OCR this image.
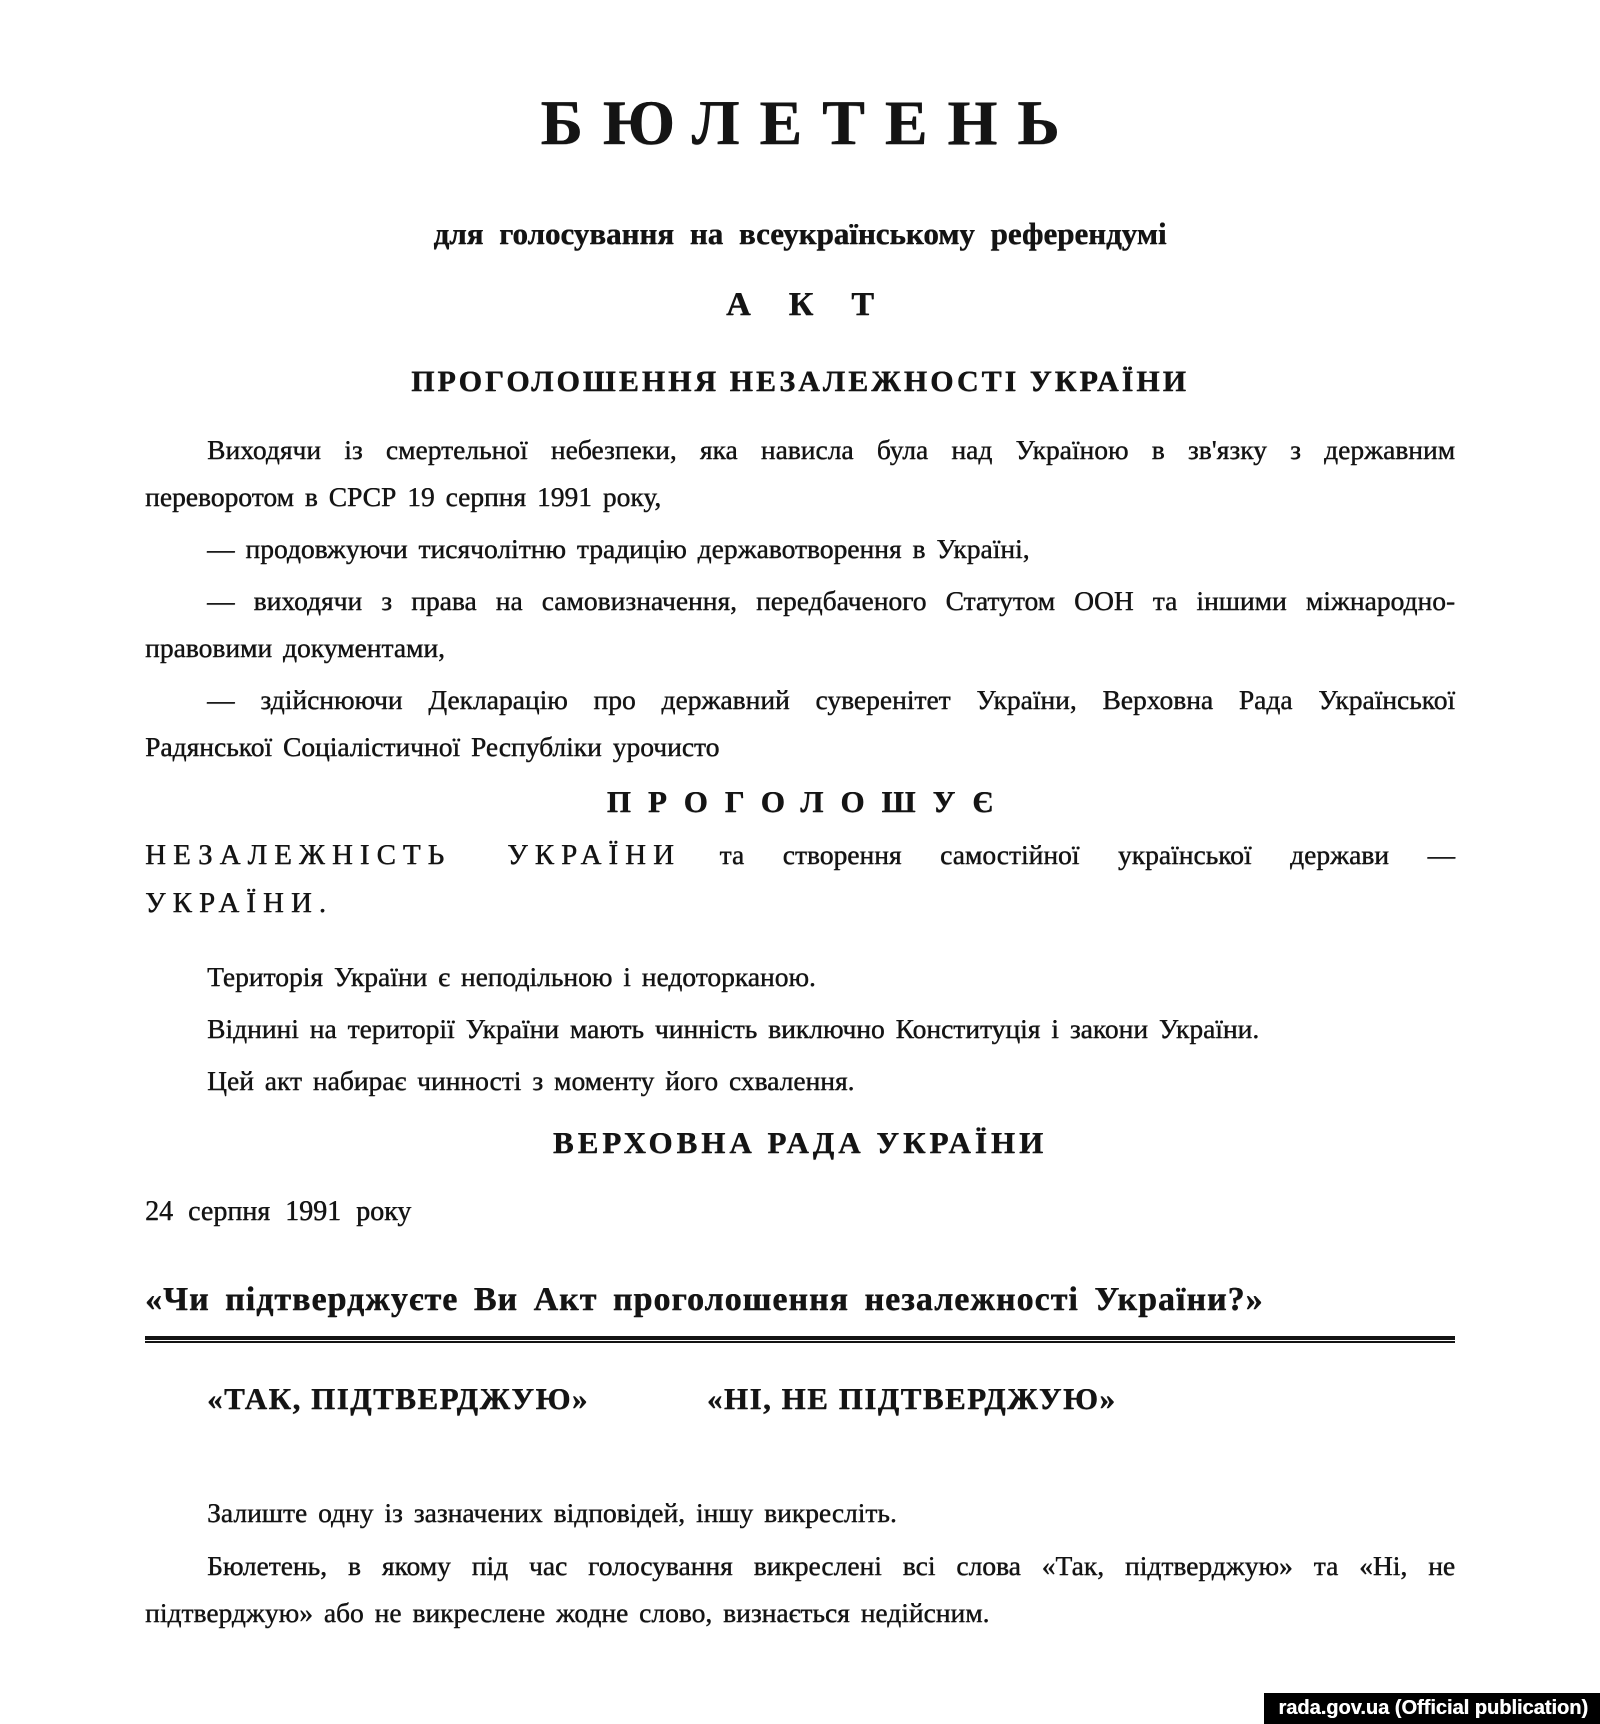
БЮЛЕТЕНЬ
для голосування на всеукраїнському референдумі
АКТ
ПРОГОЛОШЕННЯ НЕЗАЛЕЖНОСТІ УКРАЇНИ

Виходячи із смертельної небезпеки, яка нависла була над Україною в зв'язку з державним переворотом в СРСР 19 серпня 1991 року,

— продовжуючи тисячолітню традицію державотворення в Україні,

— виходячи з права на самовизначення, передбаченого Статутом ООН та іншими міжнародно-правовими документами,

— здійснюючи Декларацію про державний суверенітет України, Верховна Рада Української Радянської Соціалістичної Республіки урочисто

ПРОГОЛОШУЄ

НЕЗАЛЕЖНІСТЬ УКРАЇНИ та створення самостійної української держави — УКРАЇНИ.

Територія України є неподільною і недоторканою.

Віднині на території України мають чинність виключно Конституція і закони України.

Цей акт набирає чинності з моменту його схвалення.

ВЕРХОВНА РАДА УКРАЇНИ
24 серпня 1991 року
«Чи підтверджуєте Ви Акт проголошення незалежності України?»
«ТАК, ПІДТВЕРДЖУЮ»	«НІ, НЕ ПІДТВЕРДЖУЮ»

Залиште одну із зазначених відповідей, іншу викресліть.

Бюлетень, в якому під час голосування викреслені всі слова «Так, підтверджую» та «Ні, не підтверджую» або не викреслене жодне слово, визнається недійсним.

rada.gov.ua (Official publication)
